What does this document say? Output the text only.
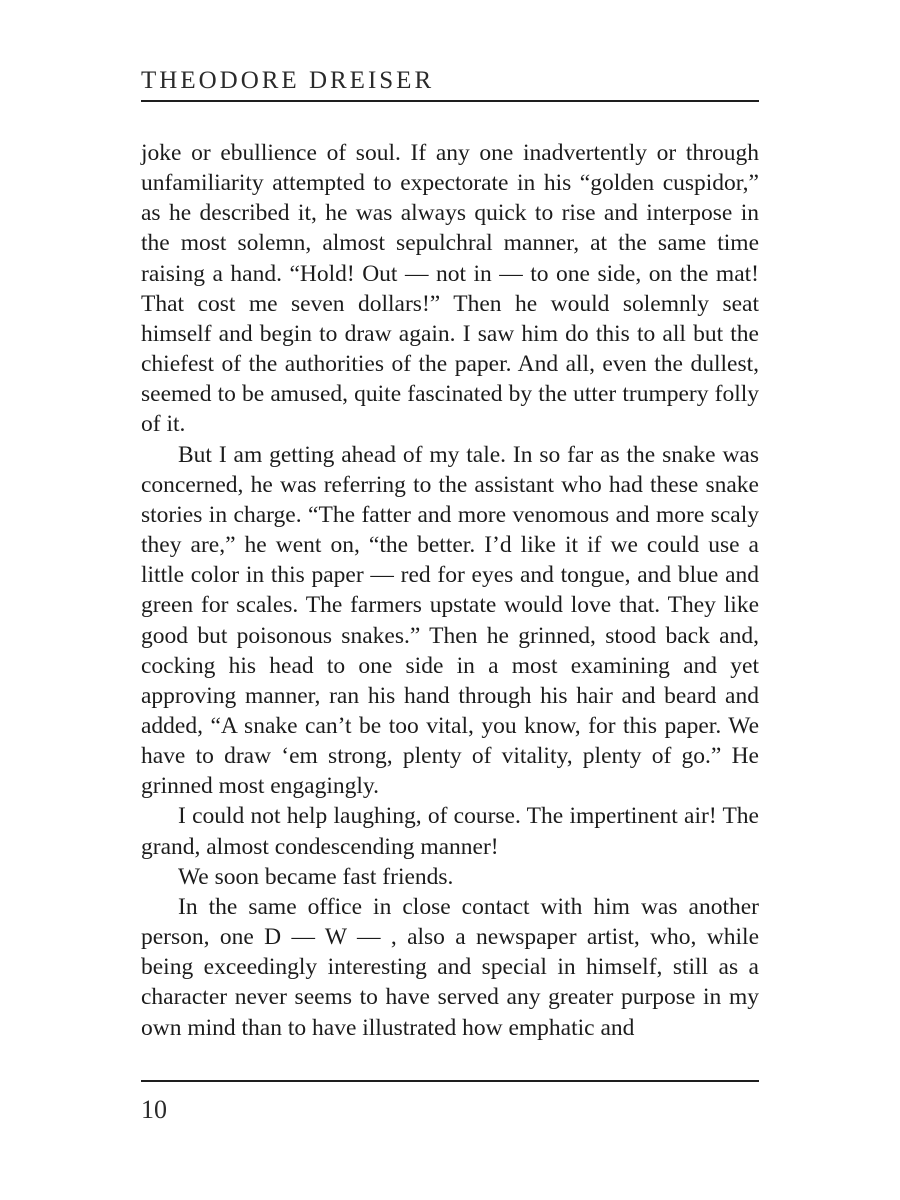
THEODORE DREISER

joke or ebullience of soul. If any one inadvertently or through unfamiliarity attempted to expectorate in his “golden cuspidor,” as he described it, he was always quick to rise and interpose in the most solemn, almost sepulchral manner, at the same time raising a hand. “Hold! Out — not in — to one side, on the mat! That cost me seven dollars!” Then he would solemnly seat himself and begin to draw again. I saw him do this to all but the chiefest of the authorities of the paper. And all, even the dullest, seemed to be amused, quite fascinated by the utter trumpery folly of it.

But I am getting ahead of my tale. In so far as the snake was concerned, he was referring to the assistant who had these snake stories in charge. “The fatter and more venomous and more scaly they are,” he went on, “the better. I’d like it if we could use a little color in this paper — red for eyes and tongue, and blue and green for scales. The farmers upstate would love that. They like good but poisonous snakes.” Then he grinned, stood back and, cocking his head to one side in a most examining and yet approving manner, ran his hand through his hair and beard and added, “A snake can’t be too vital, you know, for this paper. We have to draw ‘em strong, plenty of vitality, plenty of go.” He grinned most engagingly.

I could not help laughing, of course. The impertinent air! The grand, almost condescending manner!

We soon became fast friends.

In the same office in close contact with him was another person, one D — W — , also a newspaper artist, who, while being exceedingly interesting and special in himself, still as a character never seems to have served any greater purpose in my own mind than to have illustrated how emphatic and

10
